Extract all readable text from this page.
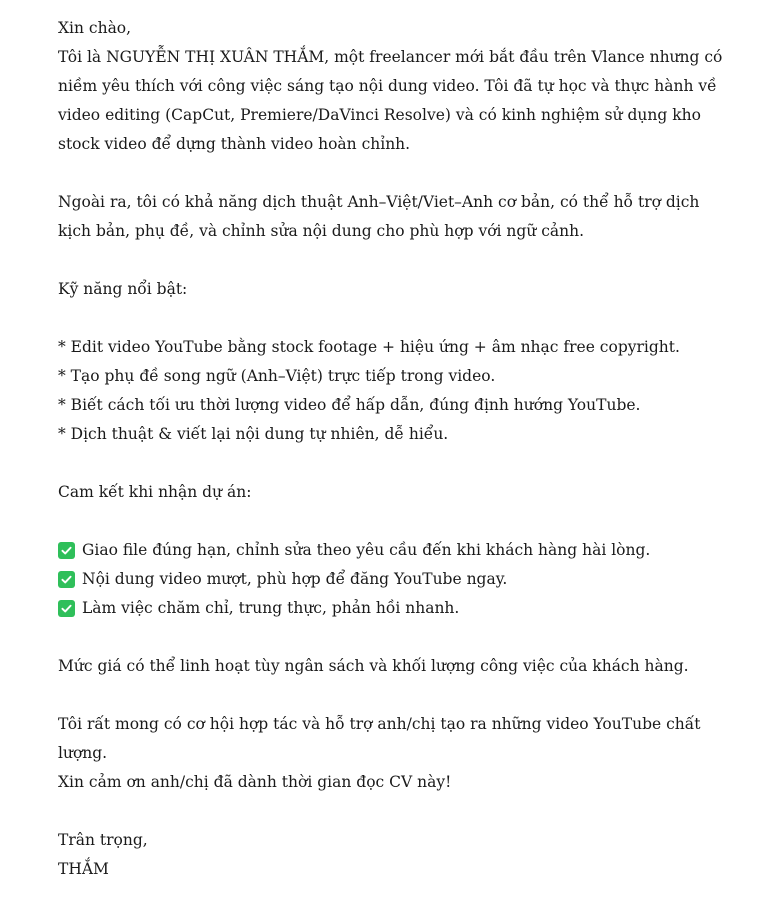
Xin chào,

Tôi là NGUYỄN THỊ XUÂN THẮM, một freelancer mới bắt đầu trên Vlance nhưng có

niềm yêu thích với công việc sáng tạo nội dung video. Tôi đã tự học và thực hành về

video editing (CapCut, Premiere/DaVinci Resolve) và có kinh nghiệm sử dụng kho

stock video để dựng thành video hoàn chỉnh.

Ngoài ra, tôi có khả năng dịch thuật Anh–Việt/Viet–Anh cơ bản, có thể hỗ trợ dịch

kịch bản, phụ đề, và chỉnh sửa nội dung cho phù hợp với ngữ cảnh.

Kỹ năng nổi bật:

* Edit video YouTube bằng stock footage + hiệu ứng + âm nhạc free copyright.

* Tạo phụ đề song ngữ (Anh–Việt) trực tiếp trong video.

* Biết cách tối ưu thời lượng video để hấp dẫn, đúng định hướng YouTube.

* Dịch thuật & viết lại nội dung tự nhiên, dễ hiểu.

Cam kết khi nhận dự án:

Giao file đúng hạn, chỉnh sửa theo yêu cầu đến khi khách hàng hài lòng.
Nội dung video mượt, phù hợp để đăng YouTube ngay.
Làm việc chăm chỉ, trung thực, phản hồi nhanh.

Mức giá có thể linh hoạt tùy ngân sách và khối lượng công việc của khách hàng.

Tôi rất mong có cơ hội hợp tác và hỗ trợ anh/chị tạo ra những video YouTube chất

lượng.

Xin cảm ơn anh/chị đã dành thời gian đọc CV này!

Trân trọng,

THẮM
